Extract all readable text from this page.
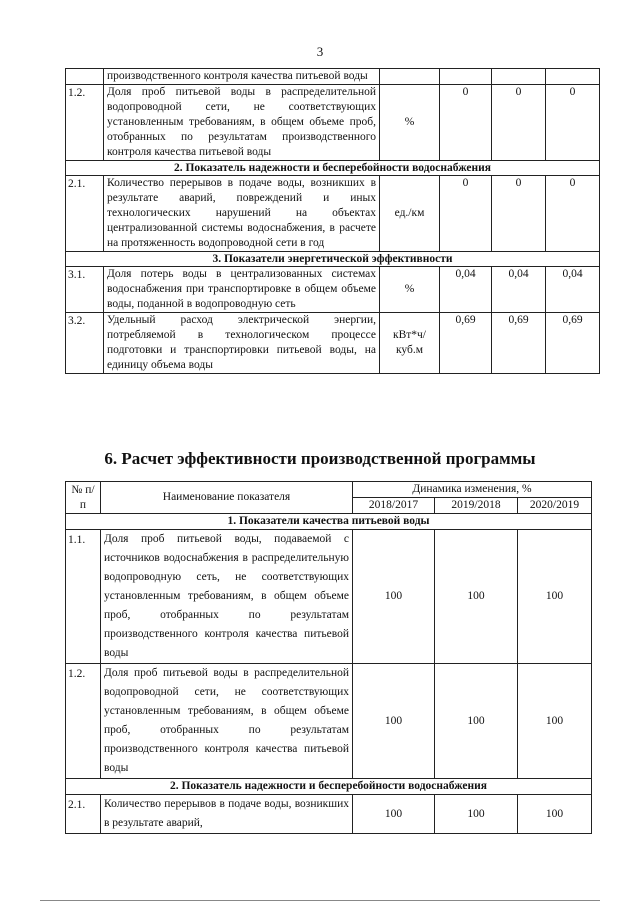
3
	производственного контроля качества питьевой воды				
1.2.	Доля проб питьевой воды в распределительной водопроводной сети, не соответствующих установленным требованиям, в общем объеме проб, отобранных по результатам производственного контроля качества питьевой воды	%	0	0	0
2. Показатель надежности и бесперебойности водоснабжения					
2.1.	Количество перерывов в подаче воды, возникших в результате аварий, повреждений и иных технологических нарушений на объектах централизованной системы водоснабжения, в расчете на протяженность водопроводной сети в год	ед./км	0	0	0
3. Показатели энергетической эффективности					
3.1.	Доля потерь воды в централизованных системах водоснабжения при транспортировке в общем объеме воды, поданной в водопроводную сеть	%	0,04	0,04	0,04
3.2.	Удельный расход электрической энергии, потребляемой в технологическом процессе подготовки и транспортировки питьевой воды, на единицу объема воды	кВт*ч/ куб.м	0,69	0,69	0,69
6. Расчет эффективности производственной программы
№ п/п	Наименование показателя	Динамика изменения, %		
		2018/2017	2019/2018	2020/2019
1. Показатели качества питьевой воды				
1.1.	Доля проб питьевой воды, подаваемой с источников водоснабжения в распределительную водопроводную сеть, не соответствующих установленным требованиям, в общем объеме проб, отобранных по результатам производственного контроля качества питьевой воды	100	100	100
1.2.	Доля проб питьевой воды в распределительной водопроводной сети, не соответствующих установленным требованиям, в общем объеме проб, отобранных по результатам производственного контроля качества питьевой воды	100	100	100
2. Показатель надежности и бесперебойности водоснабжения				
2.1.	Количество перерывов в подаче воды, возникших в результате аварий,	100	100	100
